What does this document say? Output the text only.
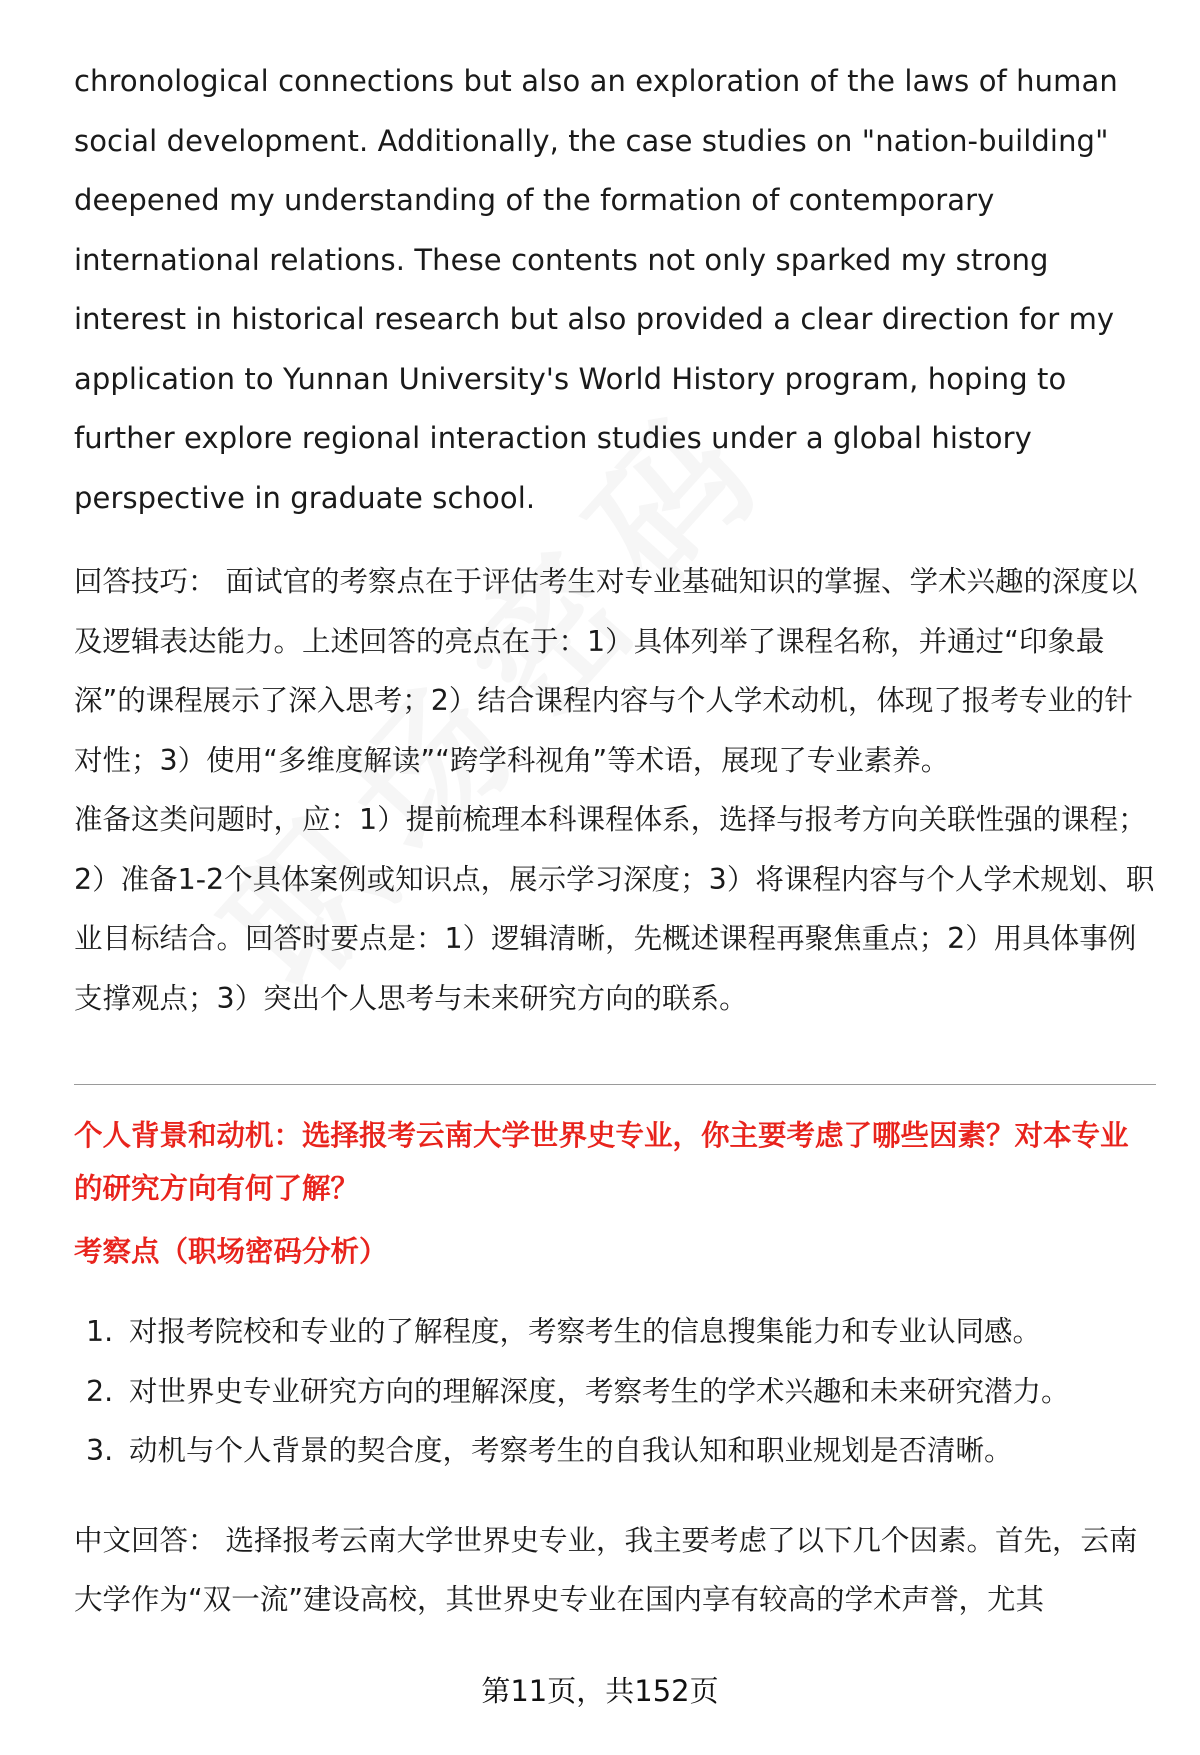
chronological connections but also an exploration of the laws of human social development. Additionally, the case studies on "nation-building" deepened my understanding of the formation of contemporary international relations. These contents not only sparked my strong interest in historical research but also provided a clear direction for my application to Yunnan University's World History program, hoping to further explore regional interaction studies under a global history perspective in graduate school.

回答技巧： 面试官的考察点在于评估考生对专业基础知识的掌握、学术兴趣的深度以及逻辑表达能力。上述回答的亮点在于：1）具体列举了课程名称，并通过“印象最深”的课程展示了深入思考；2）结合课程内容与个人学术动机，体现了报考专业的针对性；3）使用“多维度解读”“跨学科视角”等术语，展现了专业素养。

准备这类问题时，应：1）提前梳理本科课程体系，选择与报考方向关联性强的课程；2）准备1-2个具体案例或知识点，展示学习深度；3）将课程内容与个人学术规划、职业目标结合。回答时要点是：1）逻辑清晰，先概述课程再聚焦重点；2）用具体事例支撑观点；3）突出个人思考与未来研究方向的联系。

个人背景和动机：选择报考云南大学世界史专业，你主要考虑了哪些因素？对本专业的研究方向有何了解？

考察点（职场密码分析）

1. 对报考院校和专业的了解程度，考察考生的信息搜集能力和专业认同感。
2. 对世界史专业研究方向的理解深度，考察考生的学术兴趣和未来研究潜力。
3. 动机与个人背景的契合度，考察考生的自我认知和职业规划是否清晰。

中文回答： 选择报考云南大学世界史专业，我主要考虑了以下几个因素。首先，云南大学作为“双一流”建设高校，其世界史专业在国内享有较高的学术声誉，尤其

第11页，共152页
